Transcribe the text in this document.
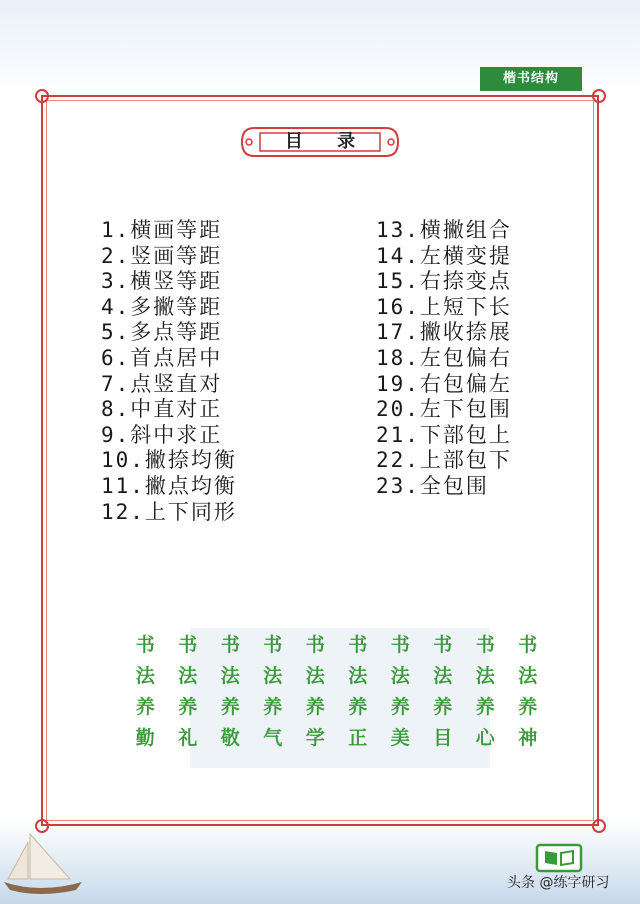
楷书结构
目 录
1.横画等距
2.竖画等距
3.横竖等距
4.多撇等距
5.多点等距
6.首点居中
7.点竖直对
8.中直对正
9.斜中求正
10.撇捺均衡
11.撇点均衡
12.上下同形
13.横撇组合
14.左横变提
15.右捺变点
16.上短下长
17.撇收捺展
18.左包偏右
19.右包偏左
20.左下包围
21.下部包上
22.上部包下
23.全包围
书	书	书	书	书	书	书	书	书	书
法	法	法	法	法	法	法	法	法	法
养	养	养	养	养	养	养	养	养	养
勤	礼	敬	气	学	正	美	目	心	神
头条 @练字研习
